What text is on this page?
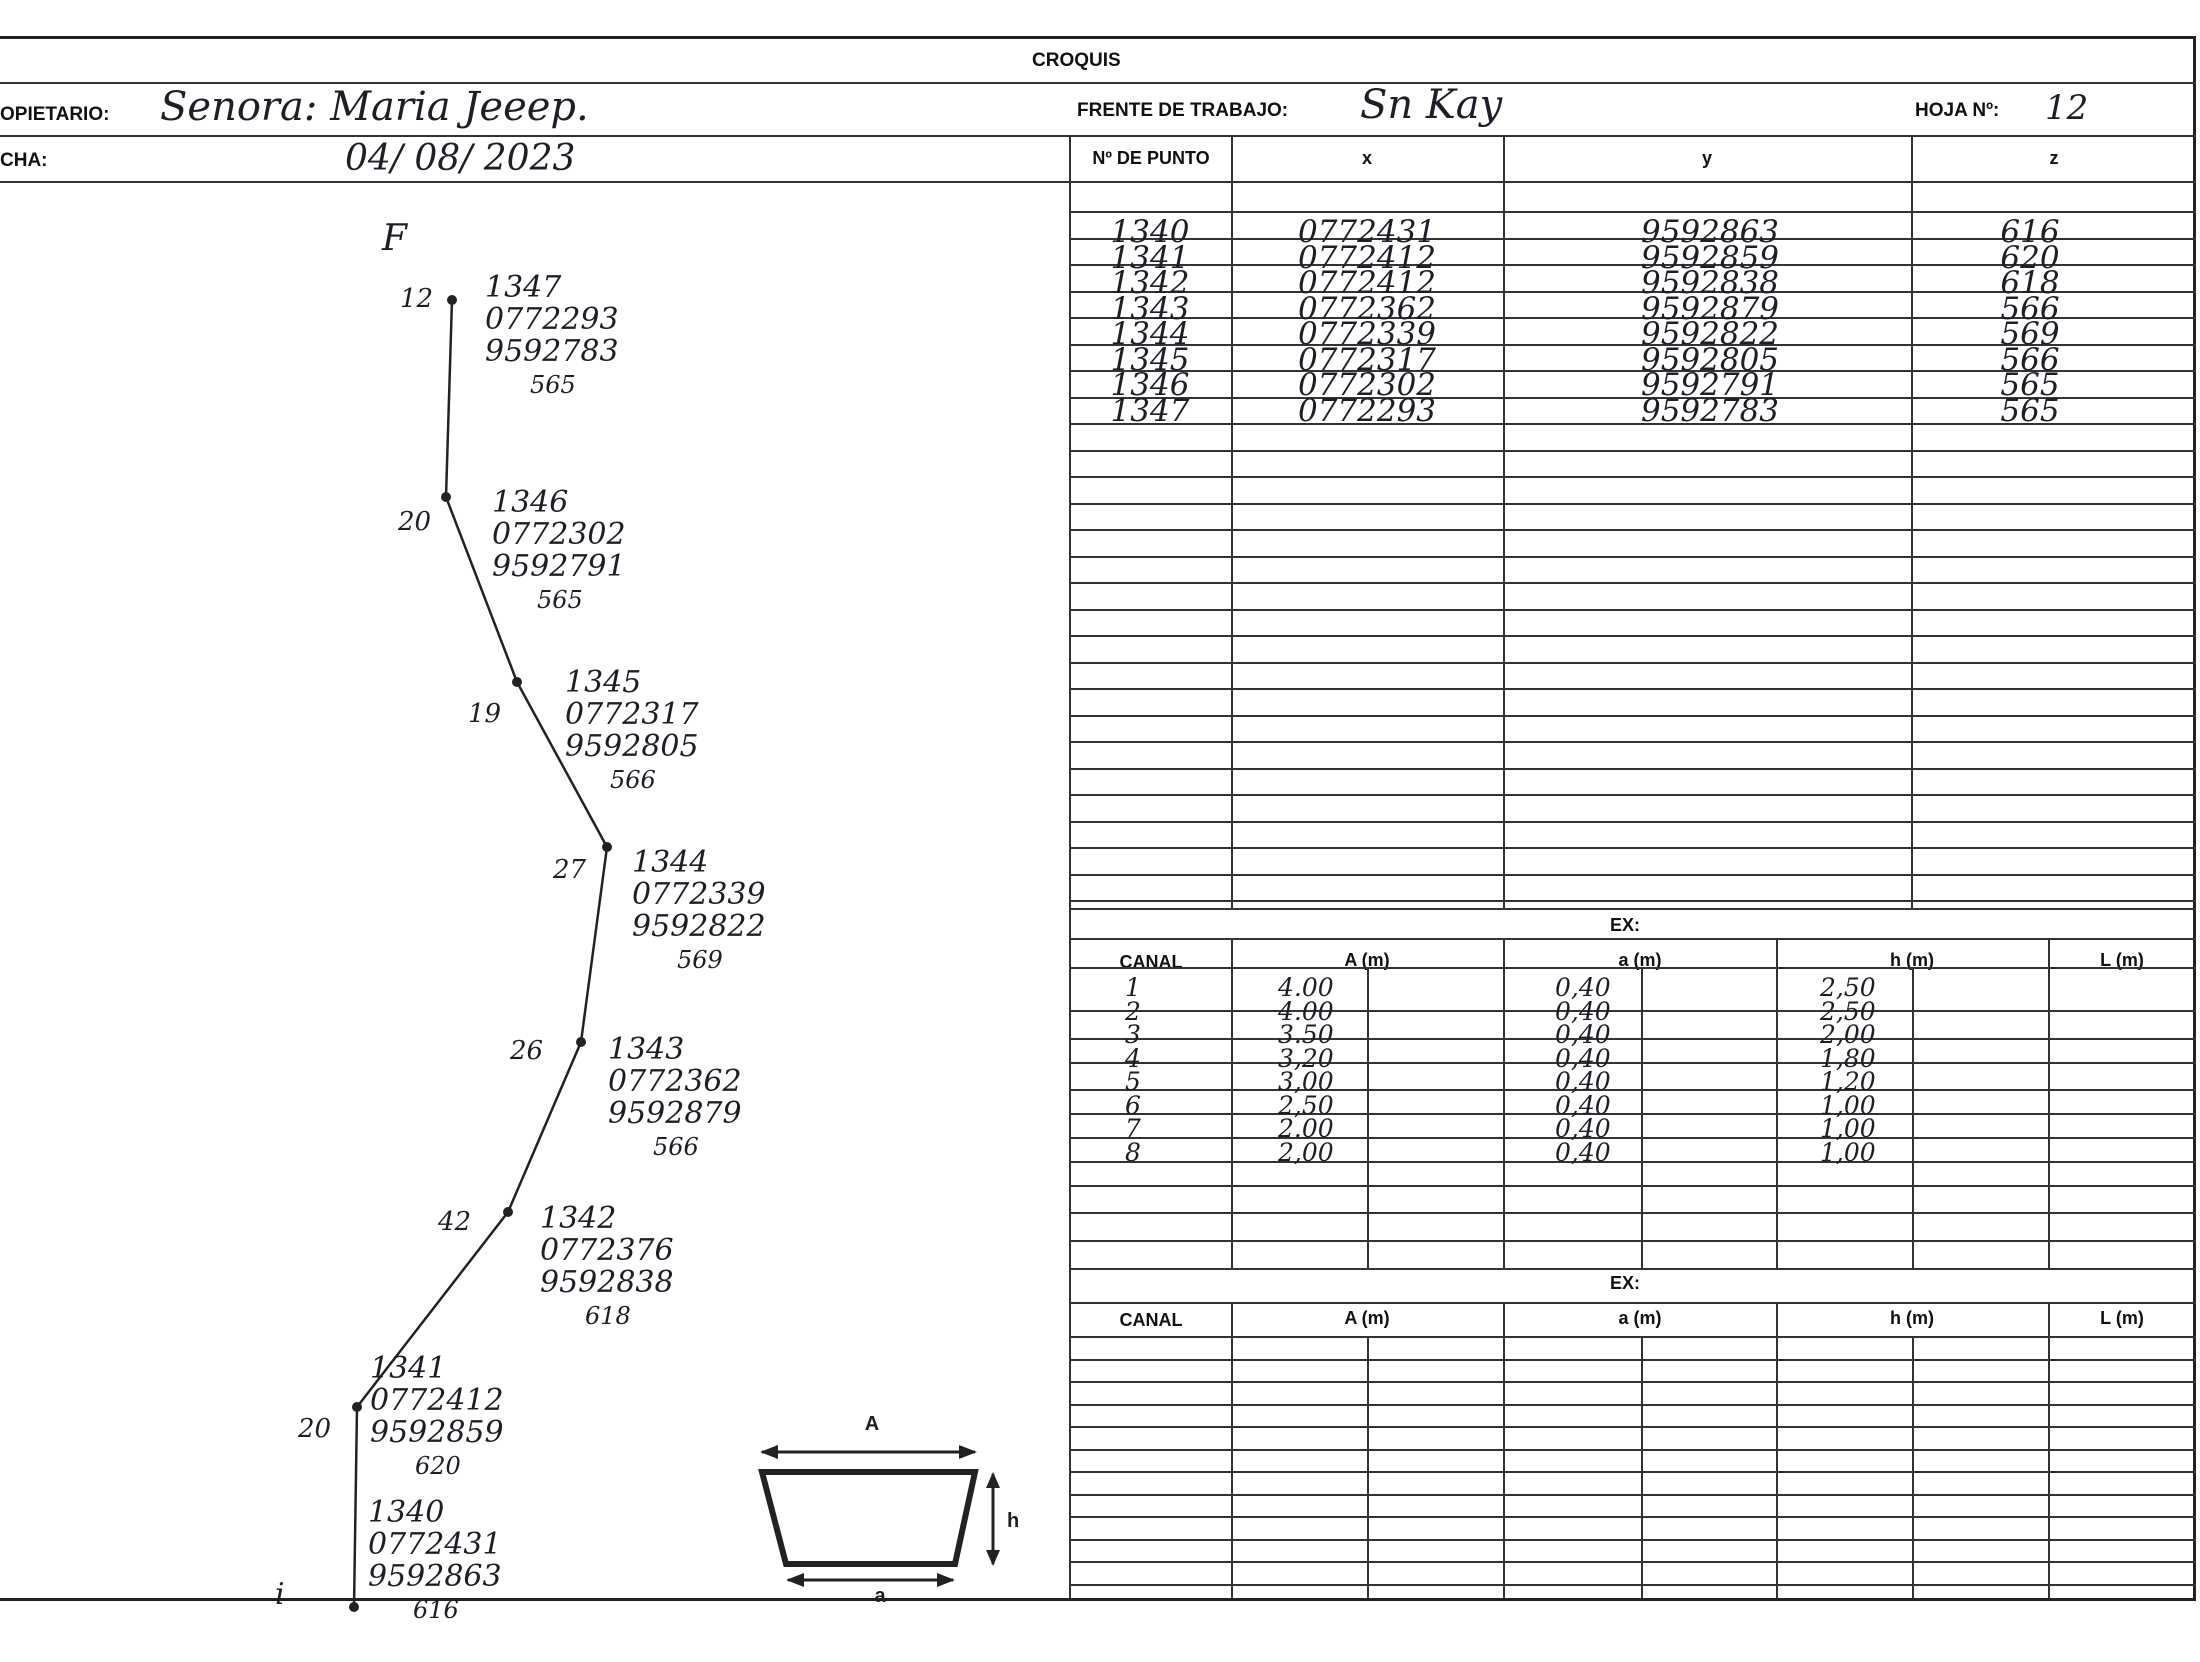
CROQUIS
OPIETARIO: Senora: Maria Jeeep.
CHA:	04/ 08/ 2023
FRENTE DE TRABAJO: Sn Kay	HOJA Nº: 12
Nº DE PUNTO	x	y	z
1340	0772431	9592863	616
1341	0772412	9592859	620
1342	0772412	9592838	618
1343	0772362	9592879	566
1344	0772339	9592822	569
1345	0772317	9592805	566
1346	0772302	9592791	565
1347	0772293	9592783	565
EX:
CANAL	A (m)	a (m)	h (m)	L (m)
1	4.00	0,40	2,50
2	4.00	0,40	2,50
3	3.50	0,40	2,00
4	3,20	0,40	1,80
5	3,00	0,40	1,20
6	2,50	0,40	1,00
7	2.00	0,40	1,00
8	2,00	0,40	1,00
EX:
CANAL	A (m)	a (m)	h (m)	L (m)
F
i
12 1347
0772293
9592783
565
20
1346
0772302
9592791
565
19
1345
0772317
9592805
566
27 1344
0772339
9592822
569
26 1343
0772362
9592879
566
42 1342
0772376
9592838
618
20
1341
0772412
9592859
620
1340
0772431
9592863
616
A
h
a
